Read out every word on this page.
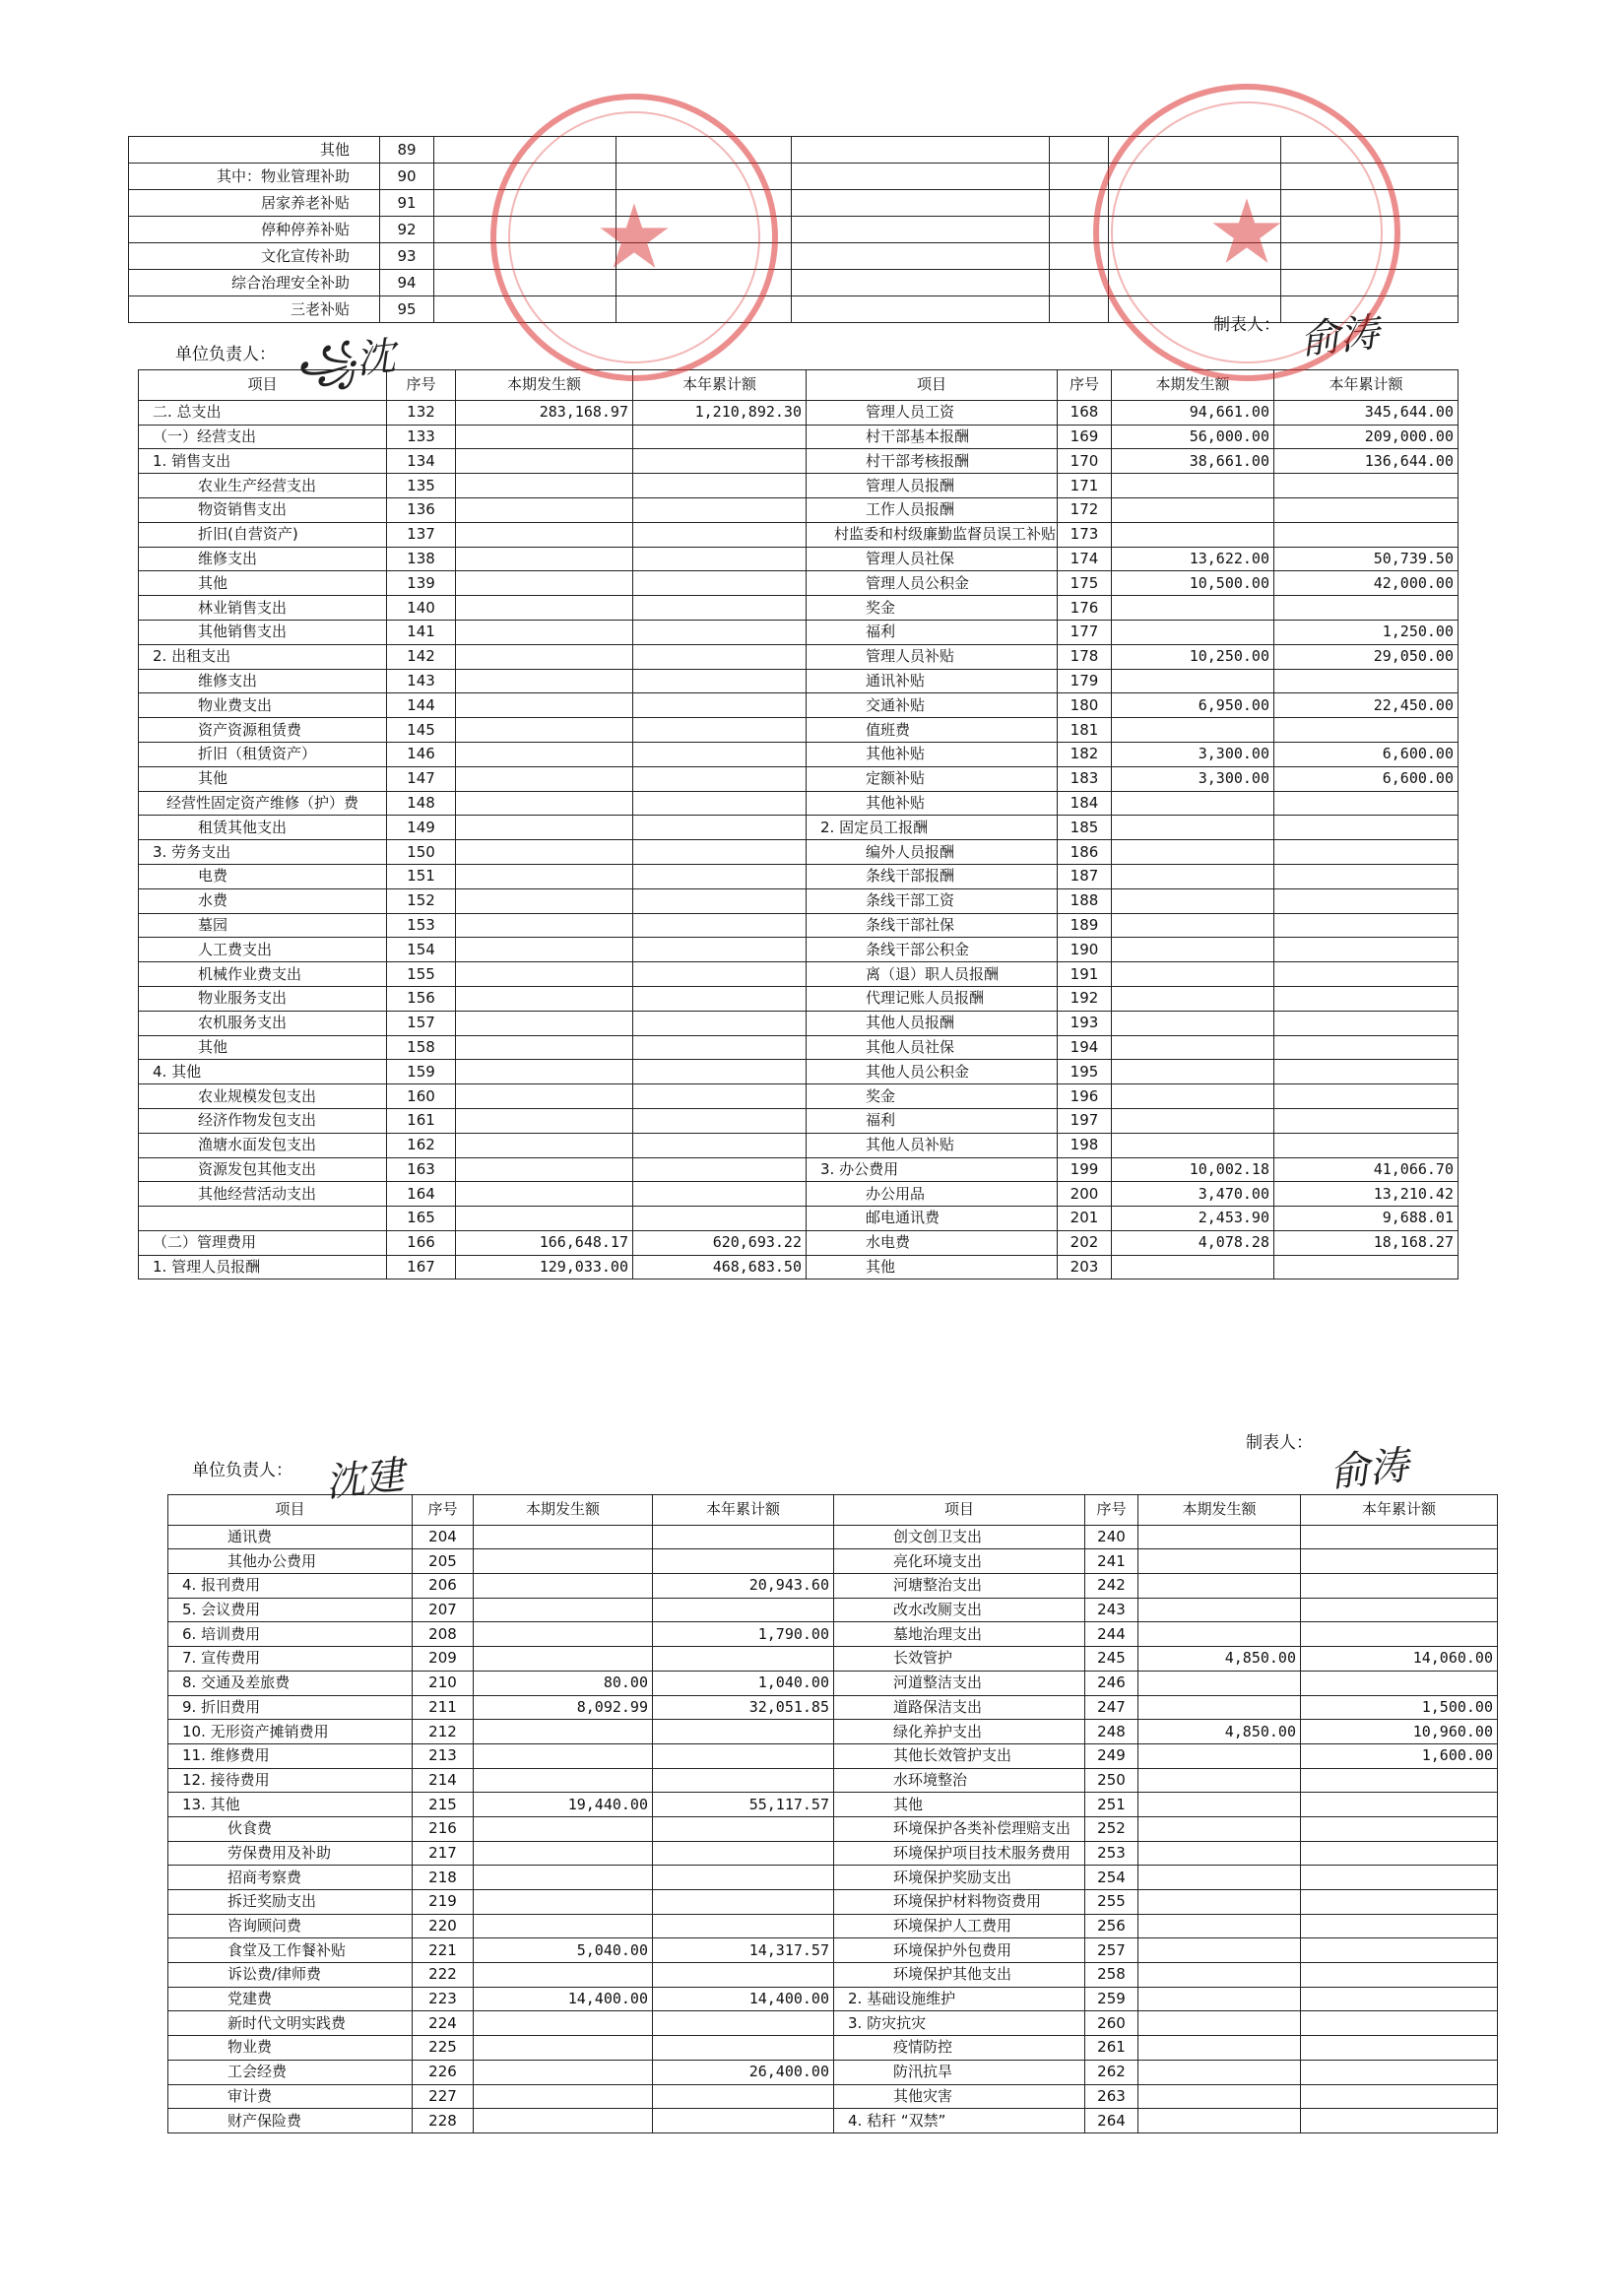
其他	89						
其中：物业管理补助	90						
居家养老补贴	91						
停种停养补贴	92						
文化宣传补助	93						
综合治理安全补助	94						
三老补贴	95						
单位负责人： ꧁沈
制表人： 俞涛
项目	序号	本期发生额	本年累计额	项目	序号	本期发生额	本年累计额
二. 总支出	132	283,168.97	1,210,892.30	管理人员工资	168	94,661.00	345,644.00
（一）经营支出	133			村干部基本报酬	169	56,000.00	209,000.00
1. 销售支出	134			村干部考核报酬	170	38,661.00	136,644.00
农业生产经营支出	135			管理人员报酬	171		
物资销售支出	136			工作人员报酬	172		
折旧(自营资产)	137			村监委和村级廉勤监督员误工补贴	173		
维修支出	138			管理人员社保	174	13,622.00	50,739.50
其他	139			管理人员公积金	175	10,500.00	42,000.00
林业销售支出	140			奖金	176		
其他销售支出	141			福利	177		1,250.00
2. 出租支出	142			管理人员补贴	178	10,250.00	29,050.00
维修支出	143			通讯补贴	179		
物业费支出	144			交通补贴	180	6,950.00	22,450.00
资产资源租赁费	145			值班费	181		
折旧（租赁资产）	146			其他补贴	182	3,300.00	6,600.00
其他	147			定额补贴	183	3,300.00	6,600.00
经营性固定资产维修（护）费	148			其他补贴	184		
租赁其他支出	149			2. 固定员工报酬	185		
3. 劳务支出	150			编外人员报酬	186		
电费	151			条线干部报酬	187		
水费	152			条线干部工资	188		
墓园	153			条线干部社保	189		
人工费支出	154			条线干部公积金	190		
机械作业费支出	155			离（退）职人员报酬	191		
物业服务支出	156			代理记账人员报酬	192		
农机服务支出	157			其他人员报酬	193		
其他	158			其他人员社保	194		
4. 其他	159			其他人员公积金	195		
农业规模发包支出	160			奖金	196		
经济作物发包支出	161			福利	197		
渔塘水面发包支出	162			其他人员补贴	198		
资源发包其他支出	163			3. 办公费用	199	10,002.18	41,066.70
其他经营活动支出	164			办公用品	200	3,470.00	13,210.42
	165			邮电通讯费	201	2,453.90	9,688.01
（二）管理费用	166	166,648.17	620,693.22	水电费	202	4,078.28	18,168.27
1. 管理人员报酬	167	129,033.00	468,683.50	其他	203		
单位负责人： 沈建
制表人： 俞涛
项目	序号	本期发生额	本年累计额	项目	序号	本期发生额	本年累计额
通讯费	204			创文创卫支出	240		
其他办公费用	205			亮化环境支出	241		
4. 报刊费用	206		20,943.60	河塘整治支出	242		
5. 会议费用	207			改水改厕支出	243		
6. 培训费用	208		1,790.00	墓地治理支出	244		
7. 宣传费用	209			长效管护	245	4,850.00	14,060.00
8. 交通及差旅费	210	80.00	1,040.00	河道整洁支出	246		
9. 折旧费用	211	8,092.99	32,051.85	道路保洁支出	247		1,500.00
10. 无形资产摊销费用	212			绿化养护支出	248	4,850.00	10,960.00
11. 维修费用	213			其他长效管护支出	249		1,600.00
12. 接待费用	214			水环境整治	250		
13. 其他	215	19,440.00	55,117.57	其他	251		
伙食费	216			环境保护各类补偿理赔支出	252		
劳保费用及补助	217			环境保护项目技术服务费用	253		
招商考察费	218			环境保护奖励支出	254		
拆迁奖励支出	219			环境保护材料物资费用	255		
咨询顾问费	220			环境保护人工费用	256		
食堂及工作餐补贴	221	5,040.00	14,317.57	环境保护外包费用	257		
诉讼费/律师费	222			环境保护其他支出	258		
党建费	223	14,400.00	14,400.00	2. 基础设施维护	259		
新时代文明实践费	224			3. 防灾抗灾	260		
物业费	225			疫情防控	261		
工会经费	226		26,400.00	防汛抗旱	262		
审计费	227			其他灾害	263		
财产保险费	228			4. 秸秆 “双禁”	264		
★	★
